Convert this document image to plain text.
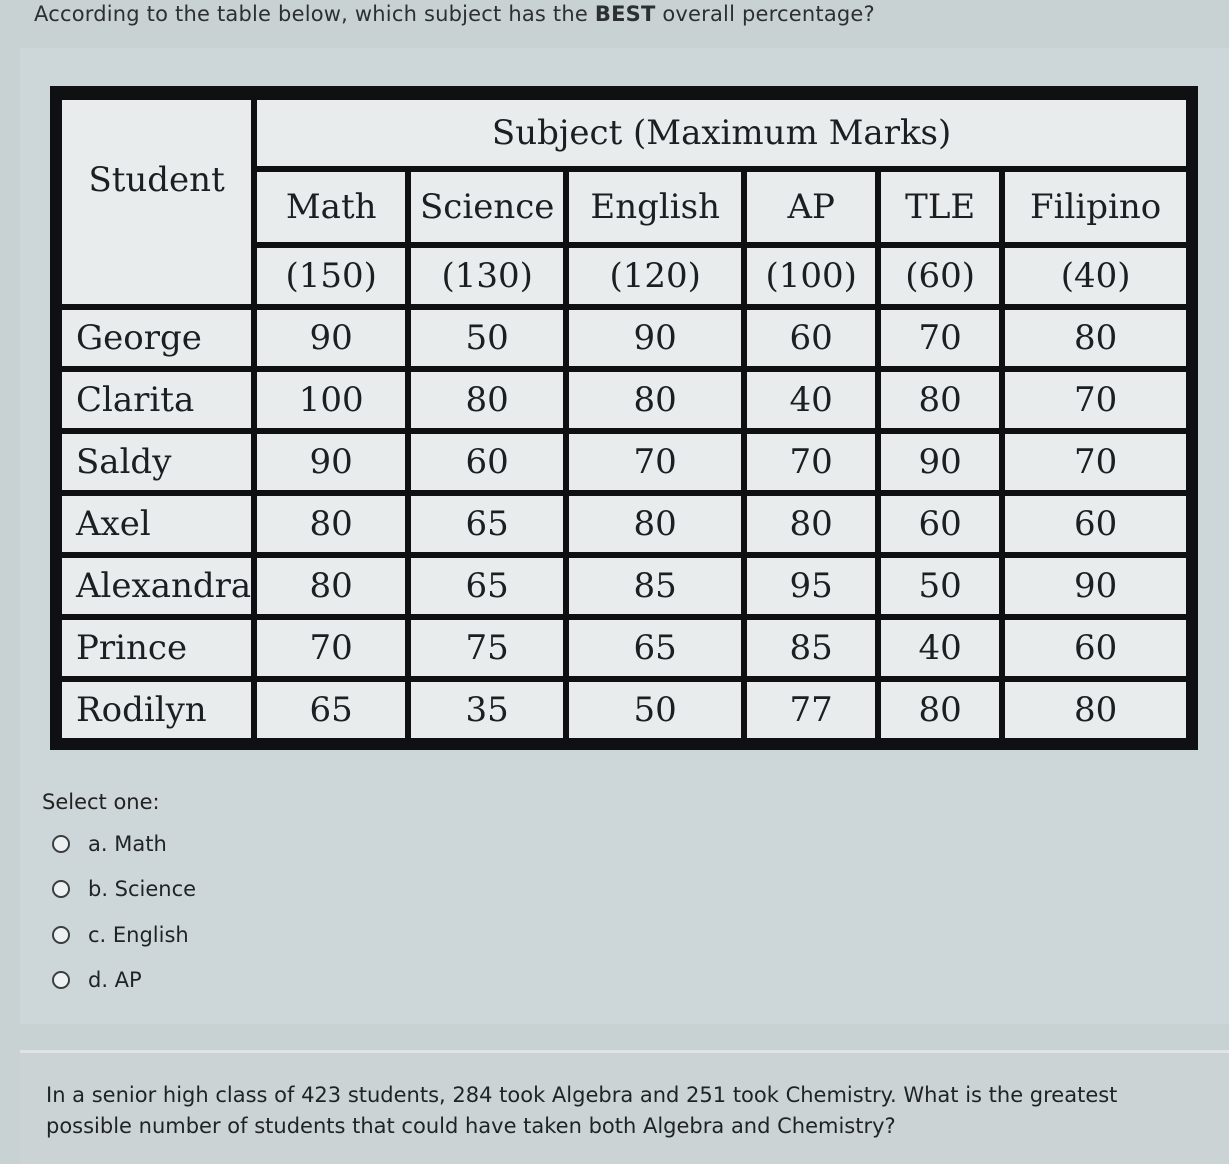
According to the table below, which subject has the BEST overall percentage?
Student	Subject (Maximum Marks)					
	Math	Science	English	AP	TLE	Filipino
	(150)	(130)	(120)	(100)	(60)	(40)
George	90	50	90	60	70	80
Clarita	100	80	80	40	80	70
Saldy	90	60	70	70	90	70
Axel	80	65	80	80	60	60
Alexandra	80	65	85	95	50	90
Prince	70	75	65	85	40	60
Rodilyn	65	35	50	77	80	80
Select one:
a. Math
b. Science
c. English
d. AP
In a senior high class of 423 students, 284 took Algebra and 251 took Chemistry. What is the greatest possible number of students that could have taken both Algebra and Chemistry?
